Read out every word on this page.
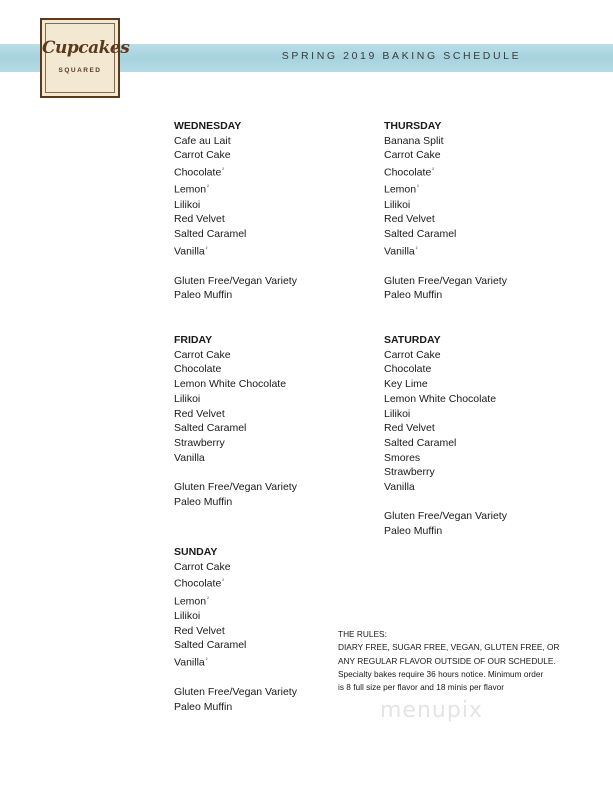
SPRING 2019 BAKING SCHEDULE
Cupcakes
SQUARED
WEDNESDAY
Cafe au Lait
Carrot Cake
Chocolate$^{^2}$
Lemon$^{^2}$
Lilikoi
Red Velvet
Salted Caramel
Vanilla$^{^2}$
Gluten Free/Vegan Variety
Paleo Muffin
THURSDAY
Banana Split
Carrot Cake
Chocolate$^{^2}$
Lemon$^{^2}$
Lilikoi
Red Velvet
Salted Caramel
Vanilla$^{^2}$
Gluten Free/Vegan Variety
Paleo Muffin
FRIDAY
Carrot Cake
Chocolate
Lemon White Chocolate
Lilikoi
Red Velvet
Salted Caramel
Strawberry
Vanilla
Gluten Free/Vegan Variety
Paleo Muffin
SATURDAY
Carrot Cake
Chocolate
Key Lime
Lemon White Chocolate
Lilikoi
Red Velvet
Salted Caramel
Smores
Strawberry
Vanilla
Gluten Free/Vegan Variety
Paleo Muffin
SUNDAY
Carrot Cake
Chocolate$^{^2}$
Lemon$^{^2}$
Lilikoi
Red Velvet
Salted Caramel
Vanilla$^{^2}$
Gluten Free/Vegan Variety
Paleo Muffin
THE RULES:
DIARY FREE, SUGAR FREE, VEGAN, GLUTEN FREE, OR
ANY REGULAR FLAVOR OUTSIDE OF OUR SCHEDULE.
Specialty bakes require 36 hours notice. Minimum order
is 8 full size per flavor and 18 minis per flavor
menupix
